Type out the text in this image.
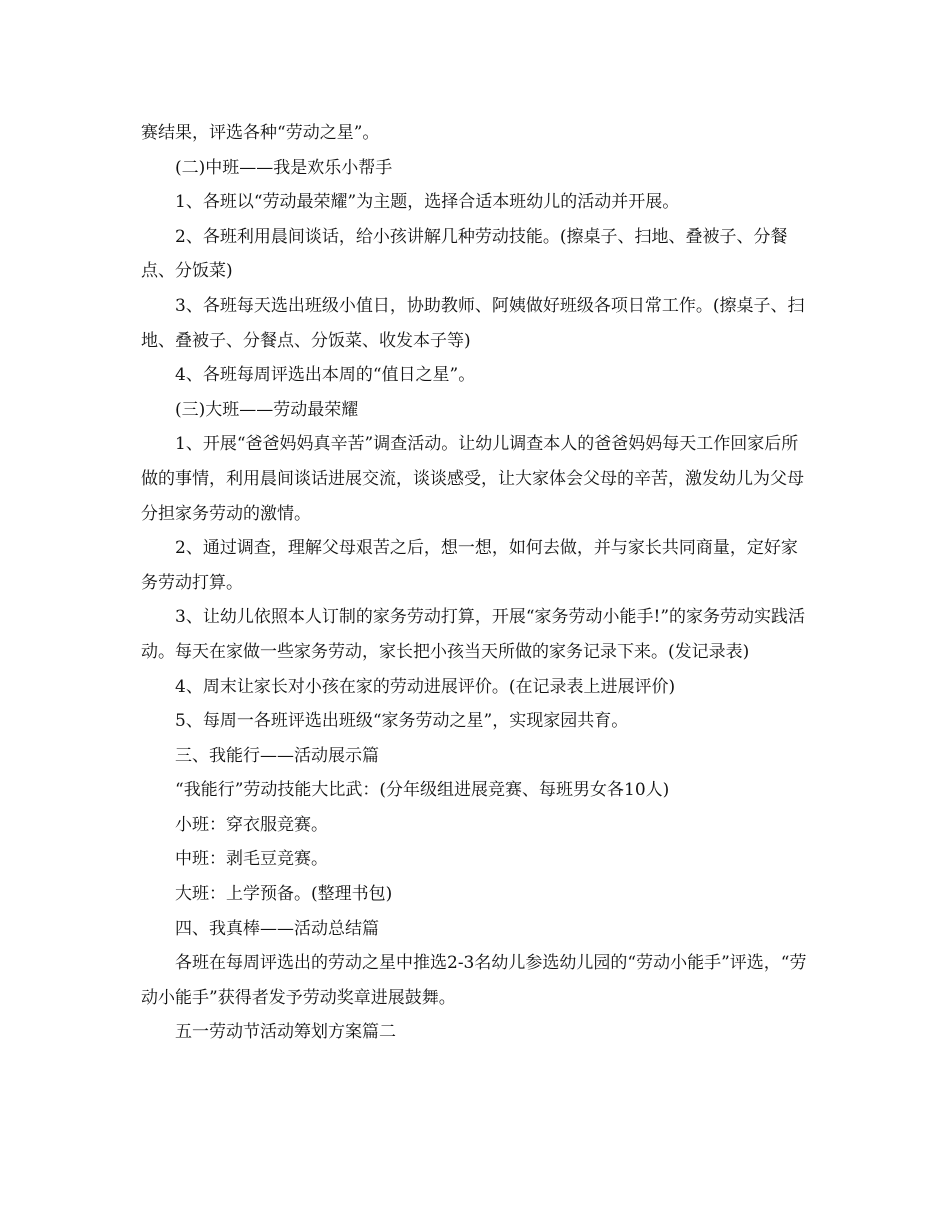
赛结果，评选各种“劳动之星”。

(二)中班——我是欢乐小帮手

1、各班以“劳动最荣耀”为主题，选择合适本班幼儿的活动并开展。

2、各班利用晨间谈话，给小孩讲解几种劳动技能。(擦桌子、扫地、叠被子、分餐点、分饭菜)

3、各班每天选出班级小值日，协助教师、阿姨做好班级各项日常工作。(擦桌子、扫地、叠被子、分餐点、分饭菜、收发本子等)

4、各班每周评选出本周的“值日之星”。

(三)大班——劳动最荣耀

1、开展“爸爸妈妈真辛苦”调查活动。让幼儿调查本人的爸爸妈妈每天工作回家后所做的事情，利用晨间谈话进展交流，谈谈感受，让大家体会父母的辛苦，激发幼儿为父母分担家务劳动的激情。

2、通过调查，理解父母艰苦之后，想一想，如何去做，并与家长共同商量，定好家务劳动打算。

3、让幼儿依照本人订制的家务劳动打算，开展“家务劳动小能手!”的家务劳动实践活动。每天在家做一些家务劳动，家长把小孩当天所做的家务记录下来。(发记录表)

4、周末让家长对小孩在家的劳动进展评价。(在记录表上进展评价)

5、每周一各班评选出班级“家务劳动之星”，实现家园共育。

三、我能行——活动展示篇

“我能行”劳动技能大比武：(分年级组进展竞赛、每班男女各10人)

小班：穿衣服竞赛。

中班：剥毛豆竞赛。

大班：上学预备。(整理书包)

四、我真棒——活动总结篇

各班在每周评选出的劳动之星中推选2-3名幼儿参选幼儿园的“劳动小能手”评选，“劳动小能手”获得者发予劳动奖章进展鼓舞。

五一劳动节活动筹划方案篇二
